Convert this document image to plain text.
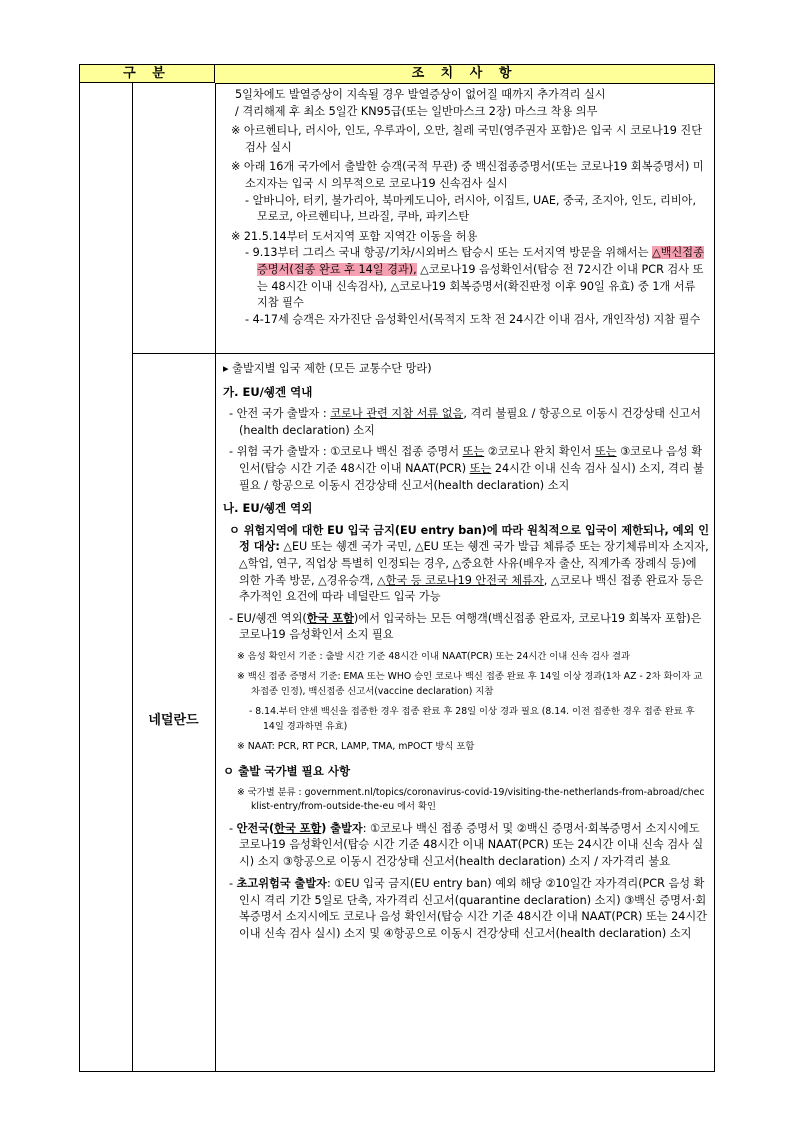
구 분	조 치 사 항

5일차에도 발열증상이 지속될 경우 발열증상이 없어질 때까지 추가격리 실시

/ 격리해제 후 최소 5일간 KN95급(또는 일반마스크 2장) 마스크 착용 의무

※ 아르헨티나, 러시아, 인도, 우루과이, 오만, 칠레 국민(영주권자 포함)은 입국 시 코로나19 진단검사 실시

※ 아래 16개 국가에서 출발한 승객(국적 무관) 중 백신접종증명서(또는 코로나19 회복증명서) 미소지자는 입국 시 의무적으로 코로나19 신속검사 실시

- 알바니아, 터키, 불가리아, 북마케도니아, 러시아, 이집트, UAE, 중국, 조지아, 인도, 리비아, 모로코, 아르헨티나, 브라질, 쿠바, 파키스탄

※ 21.5.14부터 도서지역 포함 지역간 이동을 허용

- 9.13부터 그리스 국내 항공/기차/시외버스 탑승시 또는 도서지역 방문을 위해서는 △백신접종 증명서(접종 완료 후 14일 경과), △코로나19 음성확인서(탑승 전 72시간 이내 PCR 검사 또는 48시간 이내 신속검사), △코로나19 회복증명서(확진판정 이후 90일 유효) 중 1개 서류 지참 필수

- 4-17세 승객은 자가진단 음성확인서(목적지 도착 전 24시간 이내 검사, 개인작성) 지참 필수

네덜란드

▸ 출발지별 입국 제한 (모든 교통수단 망라)

가. EU/쉥겐 역내

- 안전 국가 출발자 : 코로나 관련 지참 서류 없음, 격리 불필요 / 항공으로 이동시 건강상태 신고서(health declaration) 소지

- 위험 국가 출발자 : ①코로나 백신 접종 증명서 또는 ②코로나 완치 확인서 또는 ③코로나 음성 확인서(탑승 시간 기준 48시간 이내 NAAT(PCR) 또는 24시간 이내 신속 검사 실시) 소지, 격리 불필요 / 항공으로 이동시 건강상태 신고서(health declaration) 소지

나. EU/쉥겐 역외

ㅇ 위험지역에 대한 EU 입국 금지(EU entry ban)에 따라 원칙적으로 입국이 제한되나, 예외 인정 대상: △EU 또는 쉥겐 국가 국민, △EU 또는 쉥겐 국가 발급 체류증 또는 장기체류비자 소지자, △학업, 연구, 직업상 특별히 인정되는 경우, △중요한 사유(배우자 출산, 직계가족 장례식 등)에 의한 가족 방문, △경유승객, △한국 등 코로나19 안전국 체류자, △코로나 백신 접종 완료자 등은 추가적인 요건에 따라 네덜란드 입국 가능

- EU/쉥겐 역외(한국 포함)에서 입국하는 모든 여행객(백신접종 완료자, 코로나19 회복자 포함)은 코로나19 음성확인서 소지 필요

※ 음성 확인서 기준 : 출발 시간 기준 48시간 이내 NAAT(PCR) 또는 24시간 이내 신속 검사 결과

※ 백신 접종 증명서 기준: EMA 또는 WHO 승인 코로나 백신 접종 완료 후 14일 이상 경과(1차 AZ - 2차 화이자 교차접종 인정), 백신접종 신고서(vaccine declaration) 지참

- 8.14.부터 얀센 백신을 접종한 경우 접종 완료 후 28일 이상 경과 필요 (8.14. 이전 접종한 경우 접종 완료 후 14일 경과하면 유효)

※ NAAT: PCR, RT PCR, LAMP, TMA, mPOCT 방식 포함

ㅇ 출발 국가별 필요 사항

※ 국가별 분류 : government.nl/topics/coronavirus-covid-19/visiting-the-netherlands-from-abroad/checklist-entry/from-outside-the-eu 에서 확인

- 안전국(한국 포함) 출발자: ①코로나 백신 접종 증명서 및 ②백신 증명서·회복증명서 소지시에도 코로나19 음성확인서(탑승 시간 기준 48시간 이내 NAAT(PCR) 또는 24시간 이내 신속 검사 실시) 소지 ③항공으로 이동시 건강상태 신고서(health declaration) 소지 / 자가격리 불요

- 초고위험국 출발자: ①EU 입국 금지(EU entry ban) 예외 해당 ②10일간 자가격리(PCR 음성 확인시 격리 기간 5일로 단축, 자가격리 신고서(quarantine declaration) 소지) ③백신 증명서·회복증명서 소지시에도 코로나 음성 확인서(탑승 시간 기준 48시간 이내 NAAT(PCR) 또는 24시간 이내 신속 검사 실시) 소지 및 ④항공으로 이동시 건강상태 신고서(health declaration) 소지
